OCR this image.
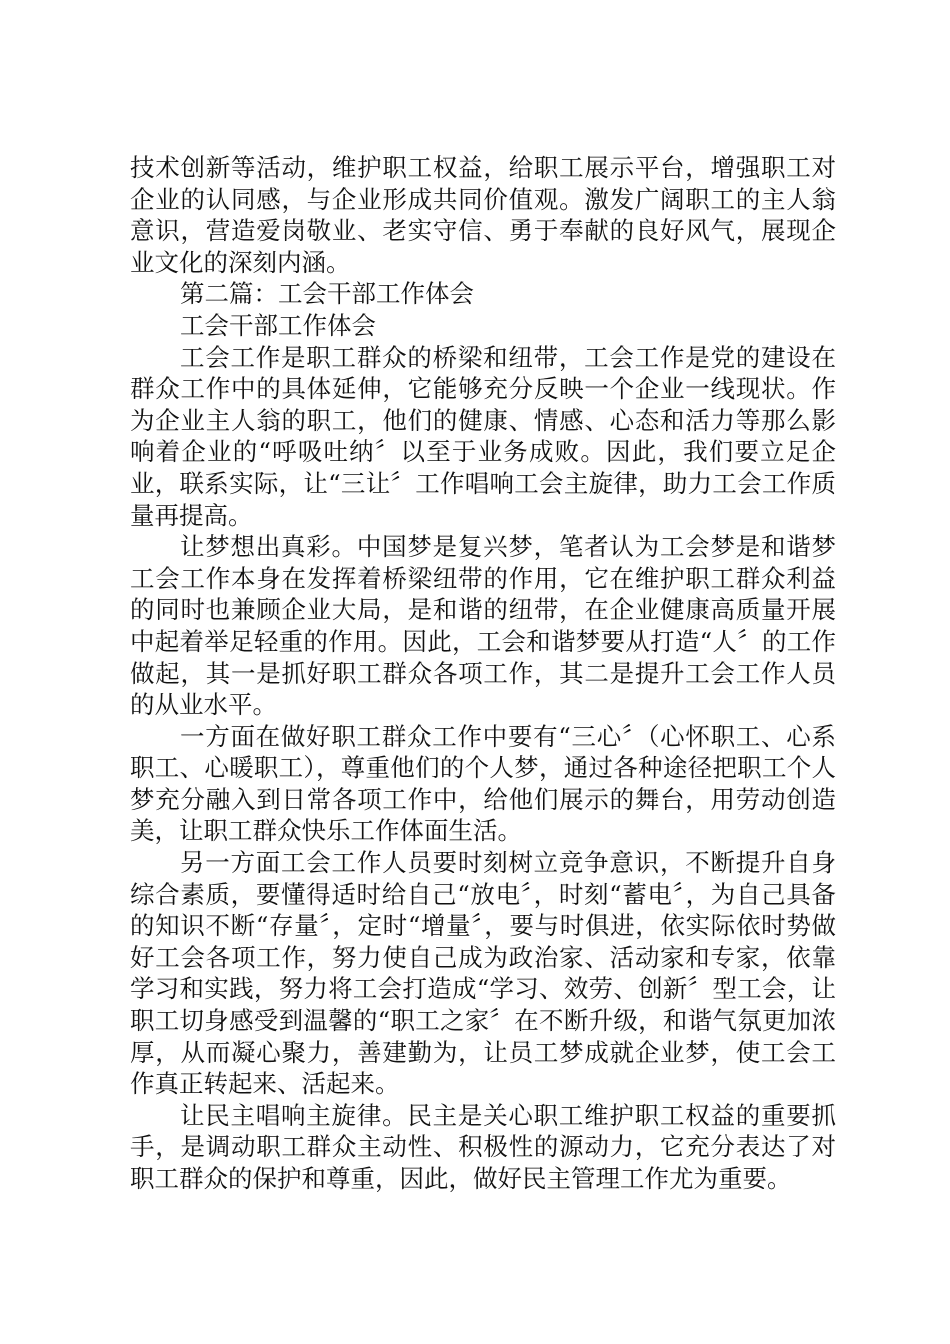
技术创新等活动，维护职工权益，给职工展示平台，增强职工对企业的认同感，与企业形成共同价值观。激发广阔职工的主人翁意识，营造爱岗敬业、老实守信、勇于奉献的良好风气，展现企业文化的深刻内涵。

第二篇：工会干部工作体会

工会干部工作体会

工会工作是职工群众的桥梁和纽带，工会工作是党的建设在群众工作中的具体延伸，它能够充分反映一个企业一线现状。作为企业主人翁的职工，他们的健康、情感、心态和活力等那么影响着企业的“呼吸吐纳〞以至于业务成败。因此，我们要立足企业，联系实际，让“三让〞工作唱响工会主旋律，助力工会工作质量再提高。

让梦想出真彩。中国梦是复兴梦，笔者认为工会梦是和谐梦工会工作本身在发挥着桥梁纽带的作用，它在维护职工群众利益的同时也兼顾企业大局，是和谐的纽带，在企业健康高质量开展中起着举足轻重的作用。因此，工会和谐梦要从打造“人〞的工作做起，其一是抓好职工群众各项工作，其二是提升工会工作人员的从业水平。

一方面在做好职工群众工作中要有“三心〞（心怀职工、心系职工、心暖职工），尊重他们的个人梦，通过各种途径把职工个人梦充分融入到日常各项工作中，给他们展示的舞台，用劳动创造美，让职工群众快乐工作体面生活。

另一方面工会工作人员要时刻树立竞争意识，不断提升自身综合素质，要懂得适时给自己“放电〞，时刻“蓄电〞，为自己具备的知识不断“存量〞，定时“增量〞，要与时俱进，依实际依时势做好工会各项工作，努力使自己成为政治家、活动家和专家，依靠学习和实践，努力将工会打造成“学习、效劳、创新〞型工会，让职工切身感受到温馨的“职工之家〞在不断升级，和谐气氛更加浓厚，从而凝心聚力，善建勤为，让员工梦成就企业梦，使工会工作真正转起来、活起来。

让民主唱响主旋律。民主是关心职工维护职工权益的重要抓手，是调动职工群众主动性、积极性的源动力，它充分表达了对职工群众的保护和尊重，因此，做好民主管理工作尤为重要。
